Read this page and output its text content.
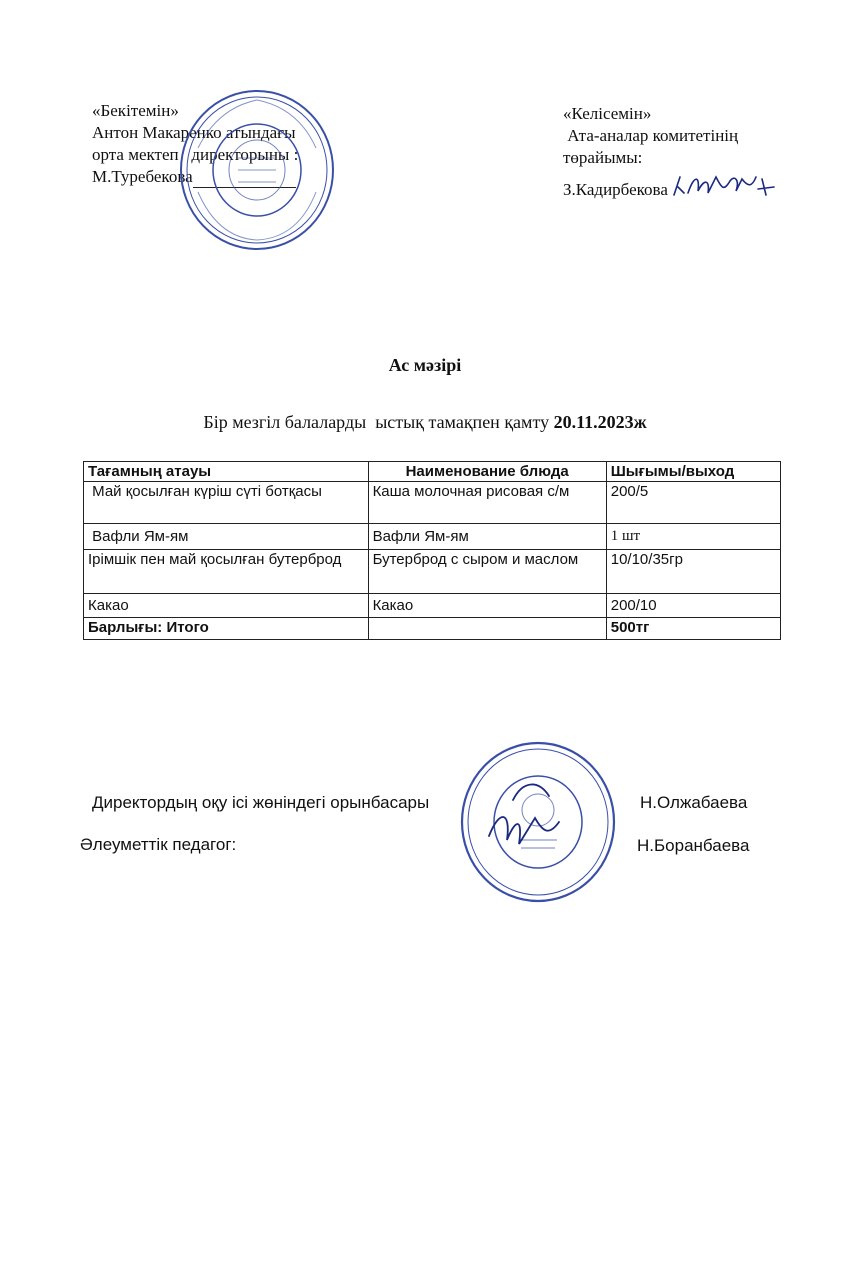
«Бекітемін»
Антон Макаренко атындағы
орта мектеп   директорыны :
М.Туребекова
«Келісемін»
Ата-аналар комитетінің
төрайымы:
З.Кадирбекова
Ас мәзірі
Бір мезгіл балаларды  ыстық тамақпен қамту 20.11.2023ж
Тағамның атауы	Наименование блюда	Шығымы/выход
Май қосылған күріш сүті ботқасы	Каша молочная рисовая с/м	200/5
Вафли Ям-ям	Вафли Ям-ям	1 шт
Ірімшік пен май қосылған бутерброд	Бутерброд с сыром и маслом	10/10/35гр
Какао	Какао	200/10
Барлығы: Итого		500тг
Директордың оқу ісі жөніндегі орынбасары	Н.Олжабаева
Әлеуметтік педагог:	Н.Боранбаева
